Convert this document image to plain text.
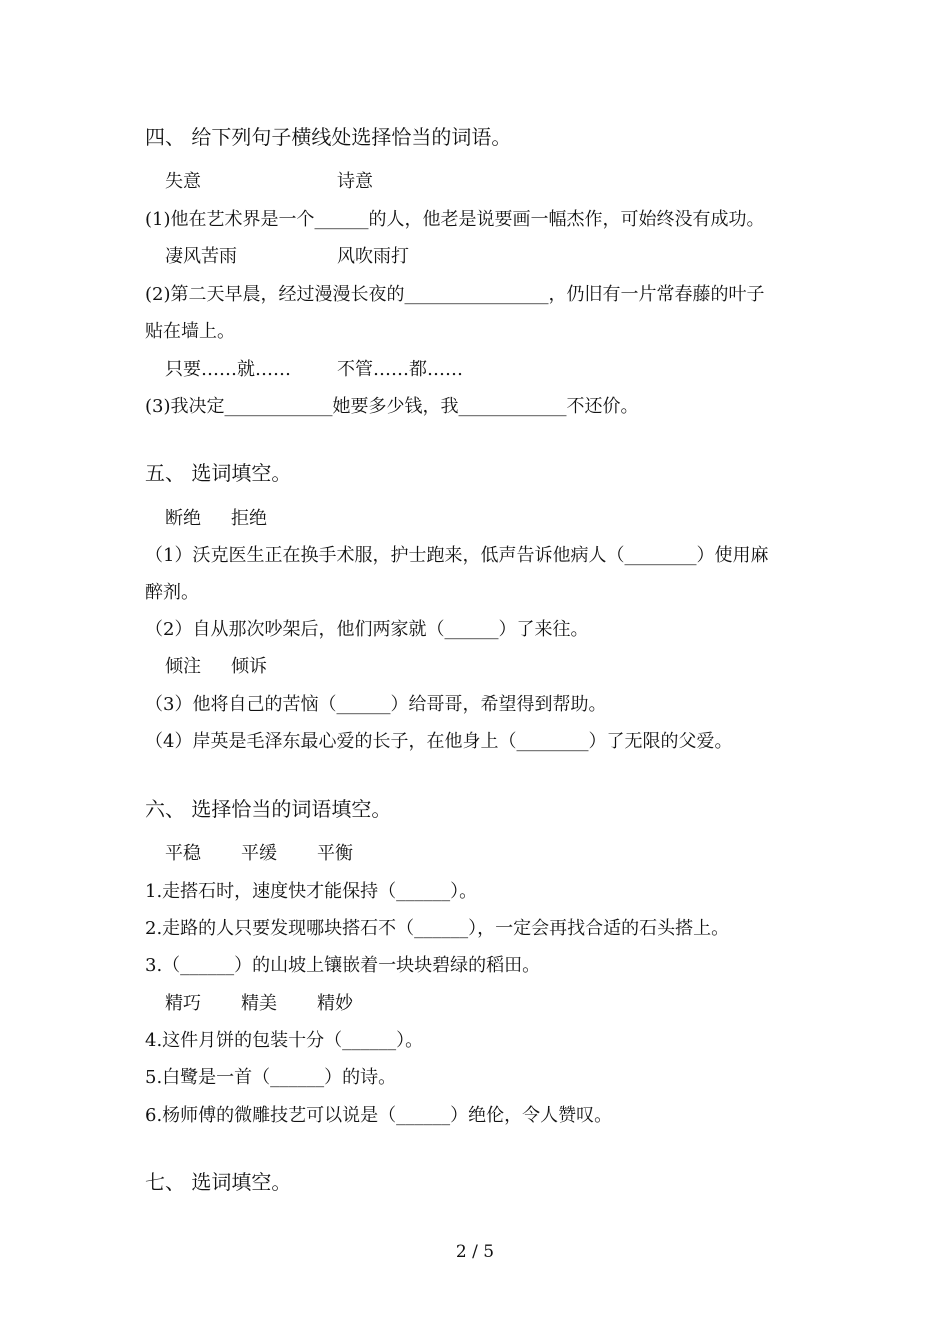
四、 给下列句子横线处选择恰当的词语。
失意	诗意
(1)他在艺术界是一个______的人，他老是说要画一幅杰作，可始终没有成功。
凄风苦雨	风吹雨打
(2)第二天早晨，经过漫漫长夜的________________，仍旧有一片常春藤的叶子
贴在墙上。
只要……就……	不管……都……
(3)我决定____________她要多少钱，我____________不还价。
五、 选词填空。
断绝 拒绝
（1）沃克医生正在换手术服，护士跑来，低声告诉他病人（________）使用麻
醉剂。
（2）自从那次吵架后，他们两家就（______）了来往。
倾注 倾诉
（3）他将自己的苦恼（______）给哥哥，希望得到帮助。
（4）岸英是毛泽东最心爱的长子，在他身上（________）了无限的父爱。
六、 选择恰当的词语填空。
平稳 平缓 平衡
1.走搭石时，速度快才能保持（______）。
2.走路的人只要发现哪块搭石不（______），一定会再找合适的石头搭上。
3.（______）的山坡上镶嵌着一块块碧绿的稻田。
精巧 精美 精妙
4.这件月饼的包装十分（______）。
5.白鹭是一首（______）的诗。
6.杨师傅的微雕技艺可以说是（______）绝伦，令人赞叹。
七、 选词填空。
2 / 5
